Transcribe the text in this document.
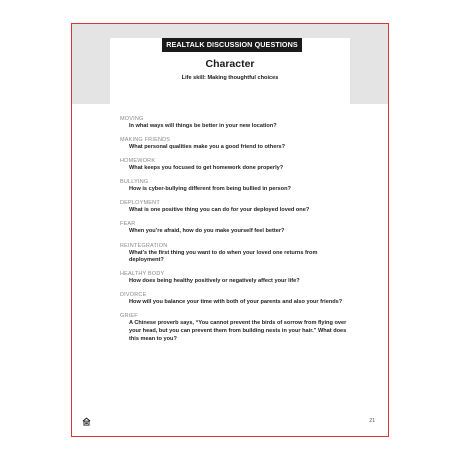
REALTALK DISCUSSION QUESTIONS
Character
Life skill: Making thoughtful choices
MOVING
In what ways will things be better in your new location?
MAKING FRIENDS
What personal qualities make you a good friend to others?
HOMEWORK
What keeps you focused to get homework done properly?
BULLYING
How is cyber-bullying different from being bullied in person?
DEPLOYMENT
What is one positive thing you can do for your deployed loved one?
FEAR
When you’re afraid, how do you make yourself feel better?
REINTEGRATION
What’s the first thing you want to do when your loved one returns from deployment?
HEALTHY BODY
How does being healthy positively or negatively affect your life?
DIVORCE
How will you balance your time with both of your parents and also your friends?
GRIEF
A Chinese proverb says, “You cannot prevent the birds of sorrow from flying over your head, but you can prevent them from building nests in your hair.” What does this mean to you?
21
